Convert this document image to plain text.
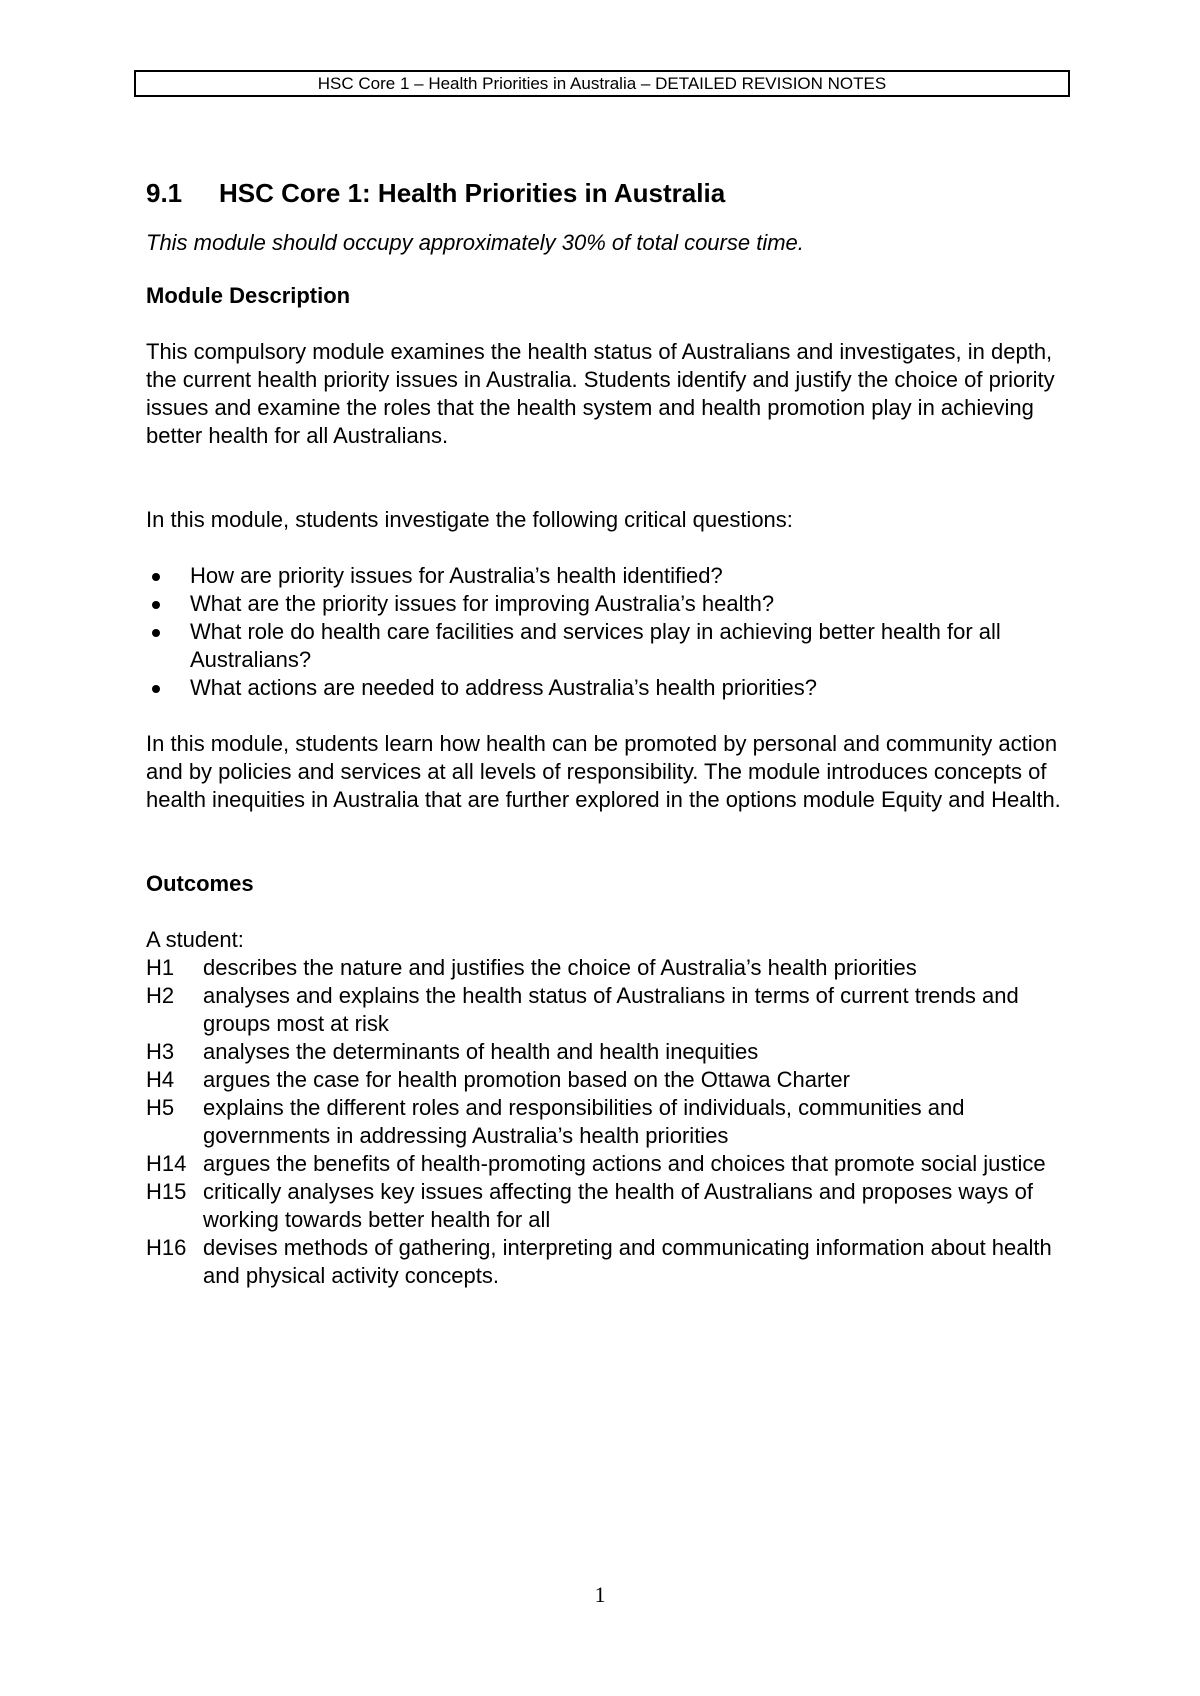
HSC Core 1 – Health Priorities in Australia – DETAILED REVISION NOTES
9.1 HSC Core 1: Health Priorities in Australia

This module should occupy approximately 30% of total course time.

Module Description

This compulsory module examines the health status of Australians and investigates, in depth, the current health priority issues in Australia. Students identify and justify the choice of priority issues and examine the roles that the health system and health promotion play in achieving better health for all Australians.

In this module, students investigate the following critical questions:

How are priority issues for Australia’s health identified?
What are the priority issues for improving Australia’s health?
What role do health care facilities and services play in achieving better health for all Australians?
What actions are needed to address Australia’s health priorities?

In this module, students learn how health can be promoted by personal and community action and by policies and services at all levels of responsibility. The module introduces concepts of health inequities in Australia that are further explored in the options module Equity and Health.

Outcomes

A student:

H1	describes the nature and justifies the choice of Australia’s health priorities
H2	analyses and explains the health status of Australians in terms of current trends and groups most at risk
H3	analyses the determinants of health and health inequities
H4	argues the case for health promotion based on the Ottawa Charter
H5	explains the different roles and responsibilities of individuals, communities and governments in addressing Australia’s health priorities
H14 argues the benefits of health-promoting actions and choices that promote social justice
H15 critically analyses key issues affecting the health of Australians and proposes ways of working towards better health for all
H16 devises methods of gathering, interpreting and communicating information about health and physical activity concepts.
1
